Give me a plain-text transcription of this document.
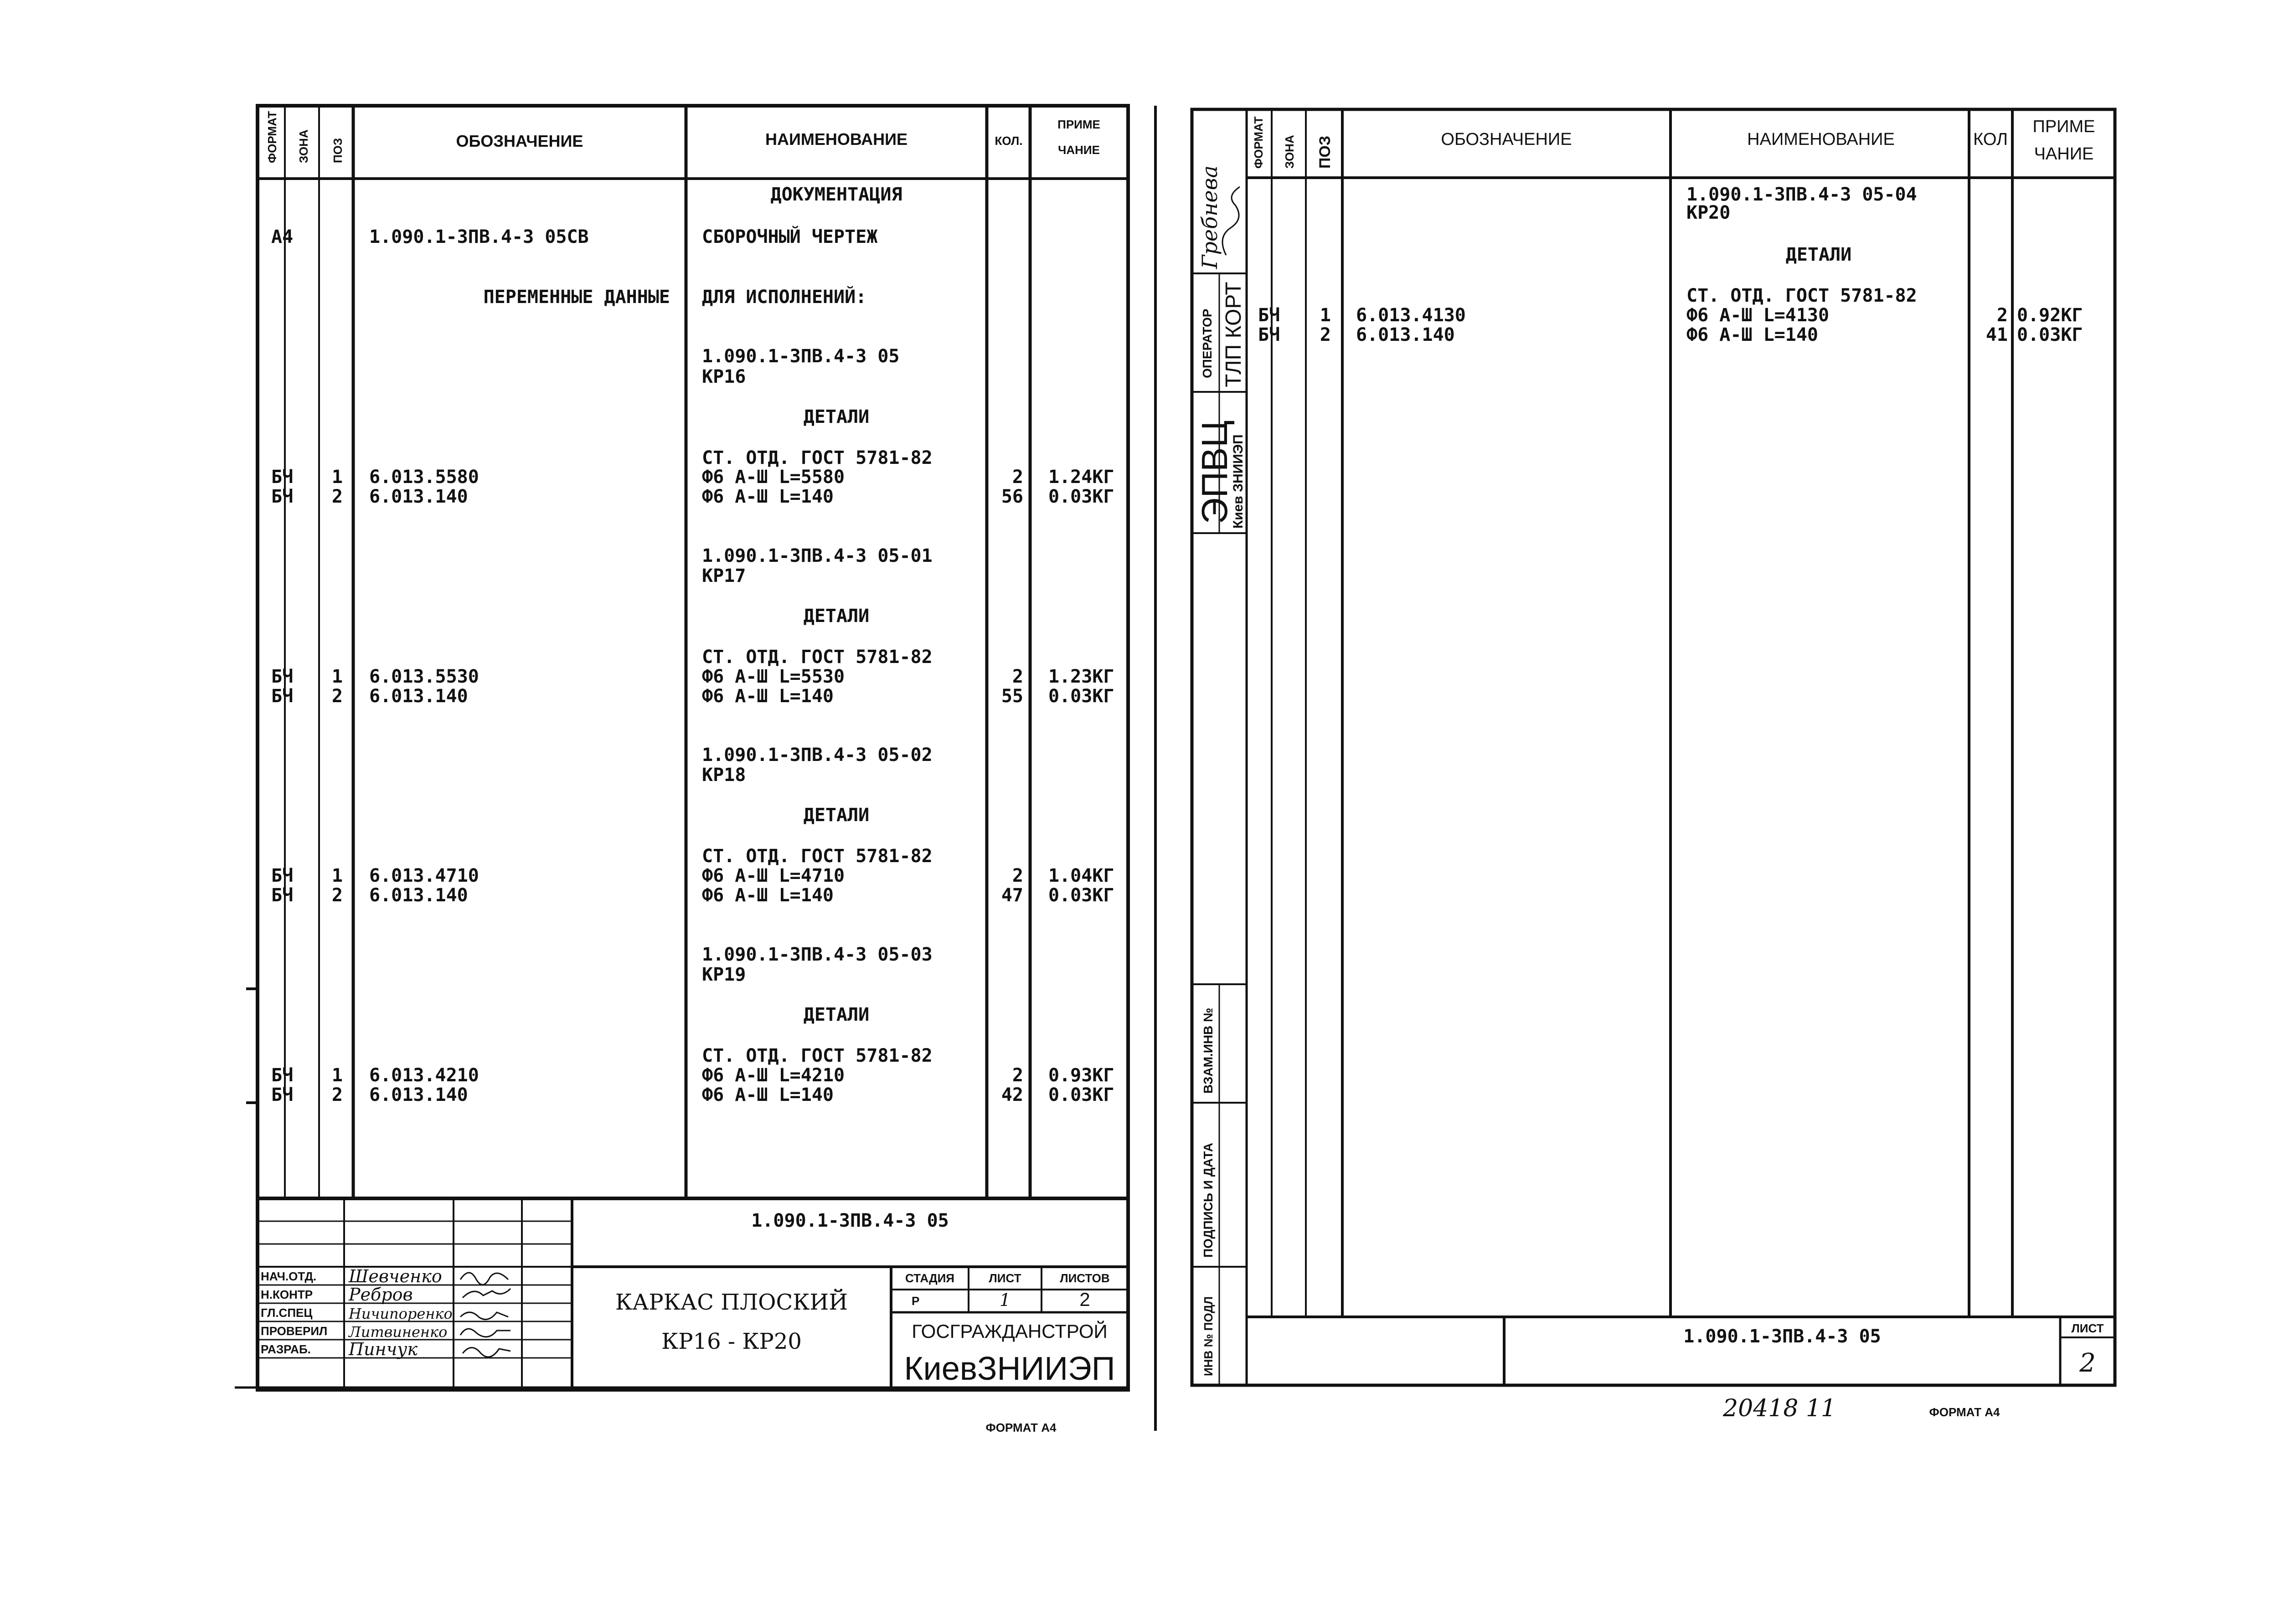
ФОРМАТ ЗОНА ПОЗ	ОБОЗНАЧЕНИЕ	НАИМЕНОВАНИЕ	КОЛ.
ПРИМЕ
ЧАНИЕ
ДОКУМЕНТАЦИЯ
А4	1.090.1-3ПВ.4-3 05СВ	СБОРОЧНЫЙ ЧЕРТЕЖ
ПЕРЕМЕННЫЕ ДАННЫЕ ДЛЯ ИСПОЛНЕНИЙ:
1.090.1-3ПВ.4-3 05
КР16
ДЕТАЛИ
СТ. ОТД. ГОСТ 5781-82
БЧ 1 6.013.5580	Ф6 А-Ш L=5580	2 1.24КГ
БЧ 2 6.013.140	Ф6 А-Ш L=140	56 0.03КГ
1.090.1-3ПВ.4-3 05-01
КР17
ДЕТАЛИ
СТ. ОТД. ГОСТ 5781-82
БЧ 1 6.013.5530	Ф6 А-Ш L=5530	2 1.23КГ
БЧ 2 6.013.140	Ф6 А-Ш L=140	55 0.03КГ
1.090.1-3ПВ.4-3 05-02
КР18
ДЕТАЛИ
СТ. ОТД. ГОСТ 5781-82
БЧ 1 6.013.4710	Ф6 А-Ш L=4710	2 1.04КГ
БЧ 2 6.013.140	Ф6 А-Ш L=140	47 0.03КГ
1.090.1-3ПВ.4-3 05-03
КР19
ДЕТАЛИ
СТ. ОТД. ГОСТ 5781-82
БЧ 1 6.013.4210	Ф6 А-Ш L=4210	2 0.93КГ
БЧ 2 6.013.140	Ф6 А-Ш L=140	42 0.03КГ
1.090.1-3ПВ.4-3 05
НАЧ.ОТД.
Н.КОНТР
ГЛ.СПЕЦ
ПРОВЕРИЛ
РАЗРАБ.
Шевченко
Ребров
Ничипоренко
Литвиненко
Пинчук
КАРКАС ПЛОСКИЙ
КР16 - КР20
СТАДИЯ	ЛИСТ	ЛИСТОВ
Р	1	2
ГОСГРАЖДАНСТРОЙ
КиевЗНИИЭП
ФОРМАТ А4
ФОРМАТ ЗОНА ПОЗ	ОБОЗНАЧЕНИЕ	НАИМЕНОВАНИЕ	КОЛ
ПРИМЕ
ЧАНИЕ
1.090.1-3ПВ.4-3 05-04
КР20
ДЕТАЛИ
СТ. ОТД. ГОСТ 5781-82
БЧ 1 6.013.4130	Ф6 А-Ш L=4130	2 0.92КГ
БЧ 2 6.013.140	Ф6 А-Ш L=140	41 0.03КГ
Гребнева
ОПЕРАТОР ТЛП КОРТ
ЭПВЦ
Киев ЗНИИЭП
ВЗАМ.ИНВ №
ПОДПИСЬ И ДАТА
ИНВ № ПОДЛ	1.090.1-3ПВ.4-3 05	ЛИСТ
2
20418 11	ФОРМАТ А4
